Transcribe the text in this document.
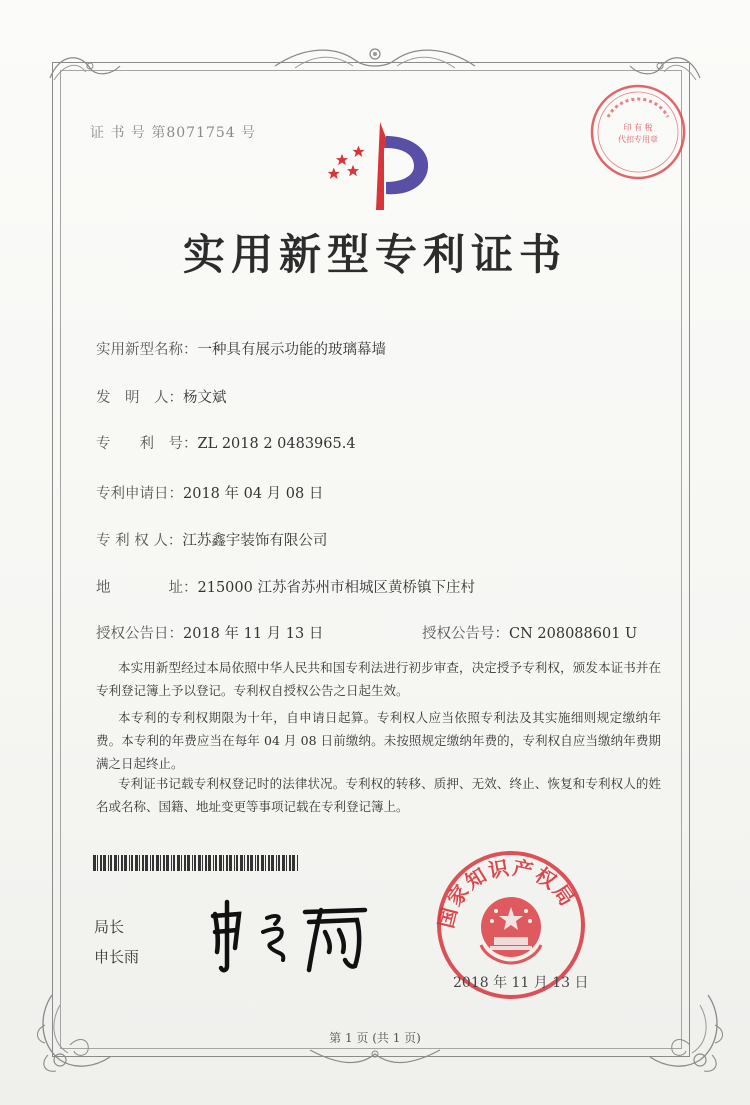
证 书 号 第8071754 号	印 有 税
代扣专用章
实用新型专利证书
实用新型名称：一种具有展示功能的玻璃幕墙
发　明　人：杨文斌
专　　利　号：ZL 2018 2 0483965.4
专利申请日：2018 年 04 月 08 日
专 利 权 人：江苏鑫宇装饰有限公司
地　　　　址：215000 江苏省苏州市相城区黄桥镇下庄村
授权公告日：2018 年 11 月 13 日	授权公告号：CN 208088601 U
本实用新型经过本局依照中华人民共和国专利法进行初步审查，决定授予专利权，颁发本证书并在专利登记簿上予以登记。专利权自授权公告之日起生效。
本专利的专利权期限为十年，自申请日起算。专利权人应当依照专利法及其实施细则规定缴纳年费。本专利的年费应当在每年 04 月 08 日前缴纳。未按照规定缴纳年费的，专利权自应当缴纳年费期满之日起终止。
专利证书记载专利权登记时的法律状况。专利权的转移、质押、无效、终止、恢复和专利权人的姓名或名称、国籍、地址变更等事项记载在专利登记簿上。
局长
申长雨
国家知识产权局
2018 年 11 月 13 日
第 1 页 (共 1 页)
